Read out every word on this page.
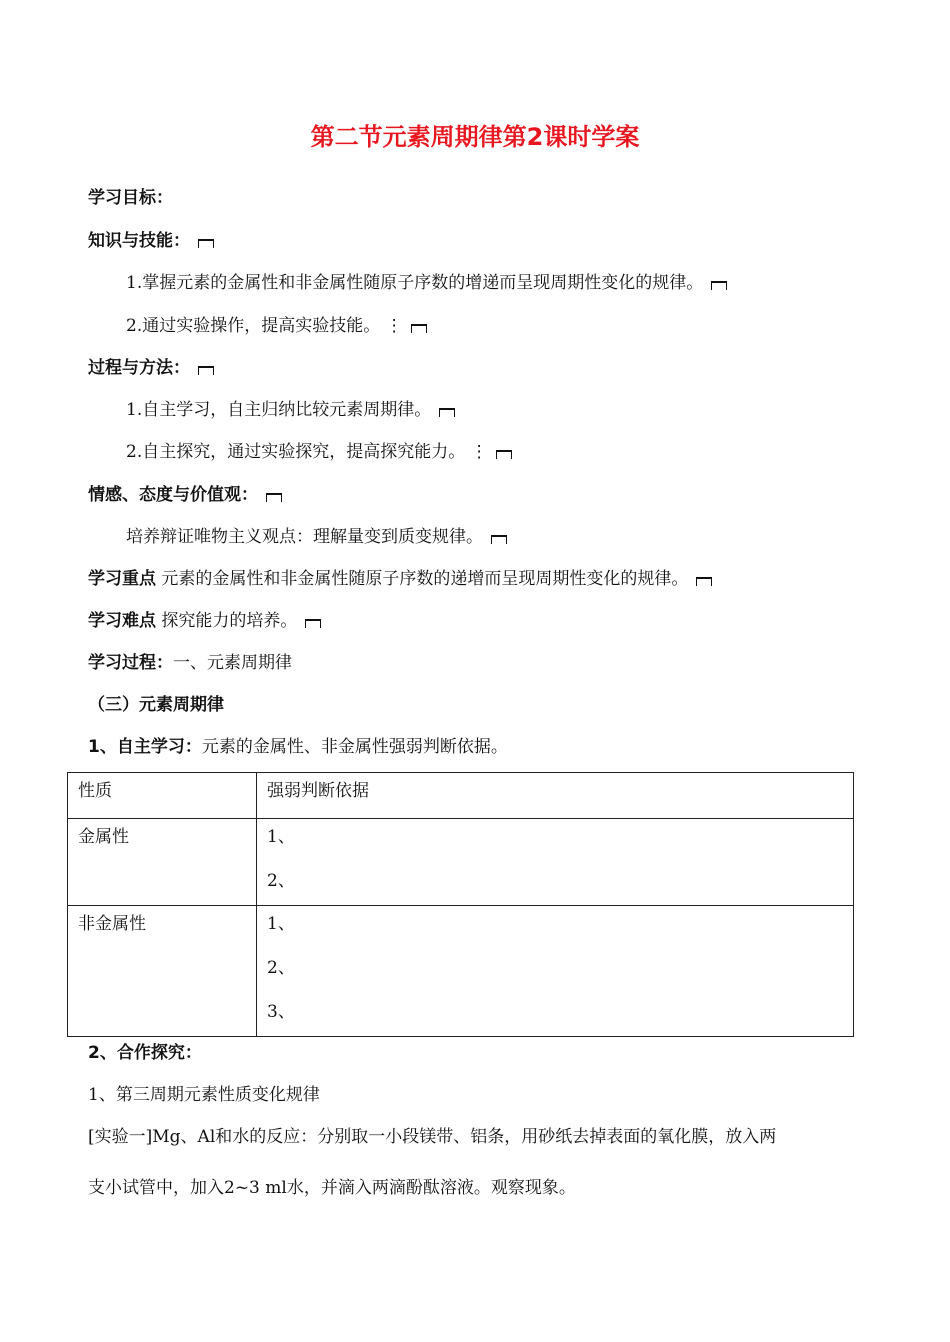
第二节元素周期律第2课时学案
学习目标：
知识与技能：
1.掌握元素的金属性和非金属性随原子序数的增递而呈现周期性变化的规律。
2.通过实验操作，提高实验技能。 ⋮
过程与方法：
1.自主学习，自主归纳比较元素周期律。
2.自主探究，通过实验探究，提高探究能力。 ⋮
情感、态度与价值观：
培养辩证唯物主义观点：理解量变到质变规律。
学习重点 元素的金属性和非金属性随原子序数的递增而呈现周期性变化的规律。
学习难点 探究能力的培养。
学习过程：一、元素周期律
（三）元素周期律
1、自主学习：元素的金属性、非金属性强弱判断依据。
性质	强弱判断依据
金属性	1、
2、

非金属性	1、
2、
3、
2、合作探究：
1、第三周期元素性质变化规律
[实验一]Mg、Al和水的反应：分别取一小段镁带、铝条，用砂纸去掉表面的氧化膜，放入两
支小试管中，加入2~3 ml水，并滴入两滴酚酞溶液。观察现象。
